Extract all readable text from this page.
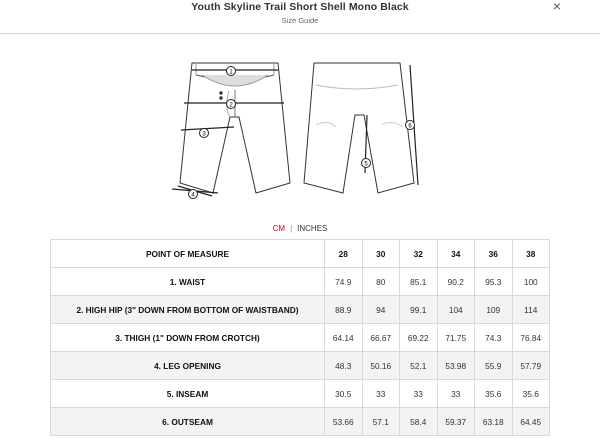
Youth Skyline Trail Short Shell Mono Black
Size Guide
×
1
2
3
4
5
6
CM | INCHES
POINT OF MEASURE	28	30	32	34	36	38
1. WAIST	74.9	80	85.1	90.2	95.3	100
2. HIGH HIP (3" DOWN FROM BOTTOM OF WAISTBAND)	88.9	94	99.1	104	109	114
3. THIGH (1" DOWN FROM CROTCH)	64.14	66.67	69.22	71.75	74.3	76.84
4. LEG OPENING	48.3	50.16	52.1	53.98	55.9	57.79
5. INSEAM	30.5	33	33	33	35.6	35.6
6. OUTSEAM	53.66	57.1	58.4	59.37	63.18	64.45
